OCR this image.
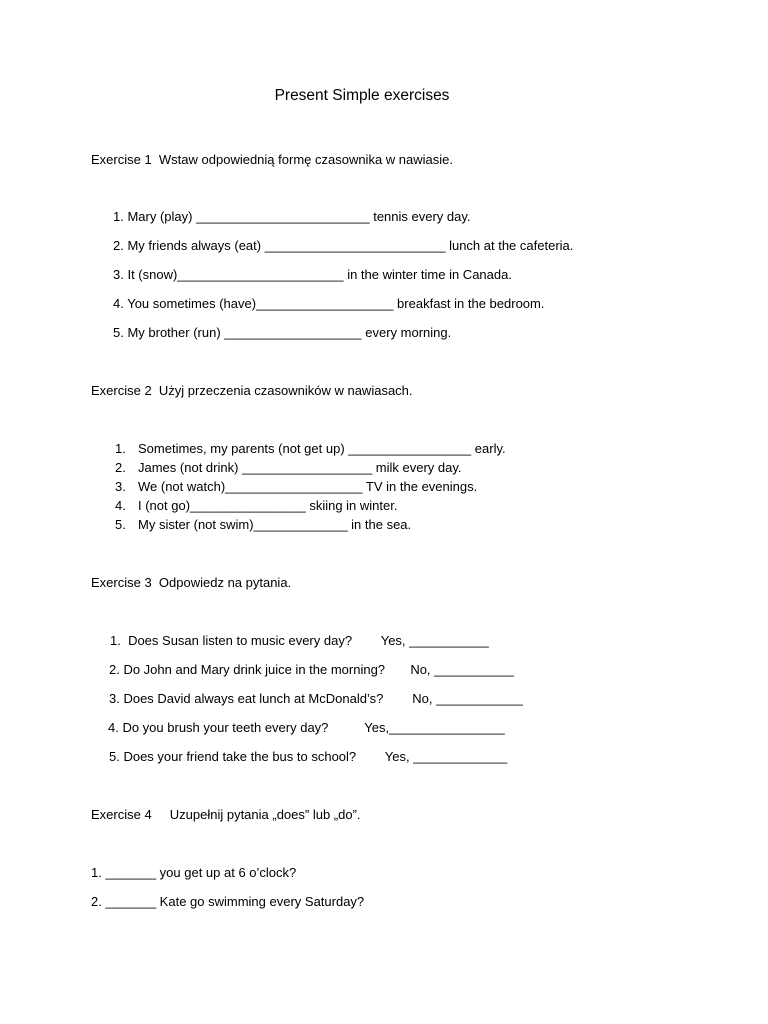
Present Simple exercises
Exercise 1  Wstaw odpowiednią formę czasownika w nawiasie.
1. Mary (play) ________________________ tennis every day.
2. My friends always (eat) _________________________ lunch at the cafeteria.
3. It (snow)_______________________ in the winter time in Canada.
4. You sometimes (have)___________________ breakfast in the bedroom.
5. My brother (run) ___________________ every morning.
Exercise 2  Użyj przeczenia czasowników w nawiasach.
1. Sometimes, my parents (not get up) _________________ early.
2. James (not drink) __________________ milk every day.
3. We (not watch)___________________ TV in the evenings.
4. I (not go)________________ skiing in winter.
5. My sister (not swim)_____________ in the sea.
Exercise 3  Odpowiedz na pytania.
1.  Does Susan listen to music every day?        Yes, ___________
2. Do John and Mary drink juice in the morning?       No, ___________
3. Does David always eat lunch at McDonald’s?        No, ____________
4. Do you brush your teeth every day?          Yes,________________
5. Does your friend take the bus to school?        Yes, _____________
Exercise 4     Uzupełnij pytania „does” lub „do”.
1. _______ you get up at 6 o’clock?
2. _______ Kate go swimming every Saturday?
